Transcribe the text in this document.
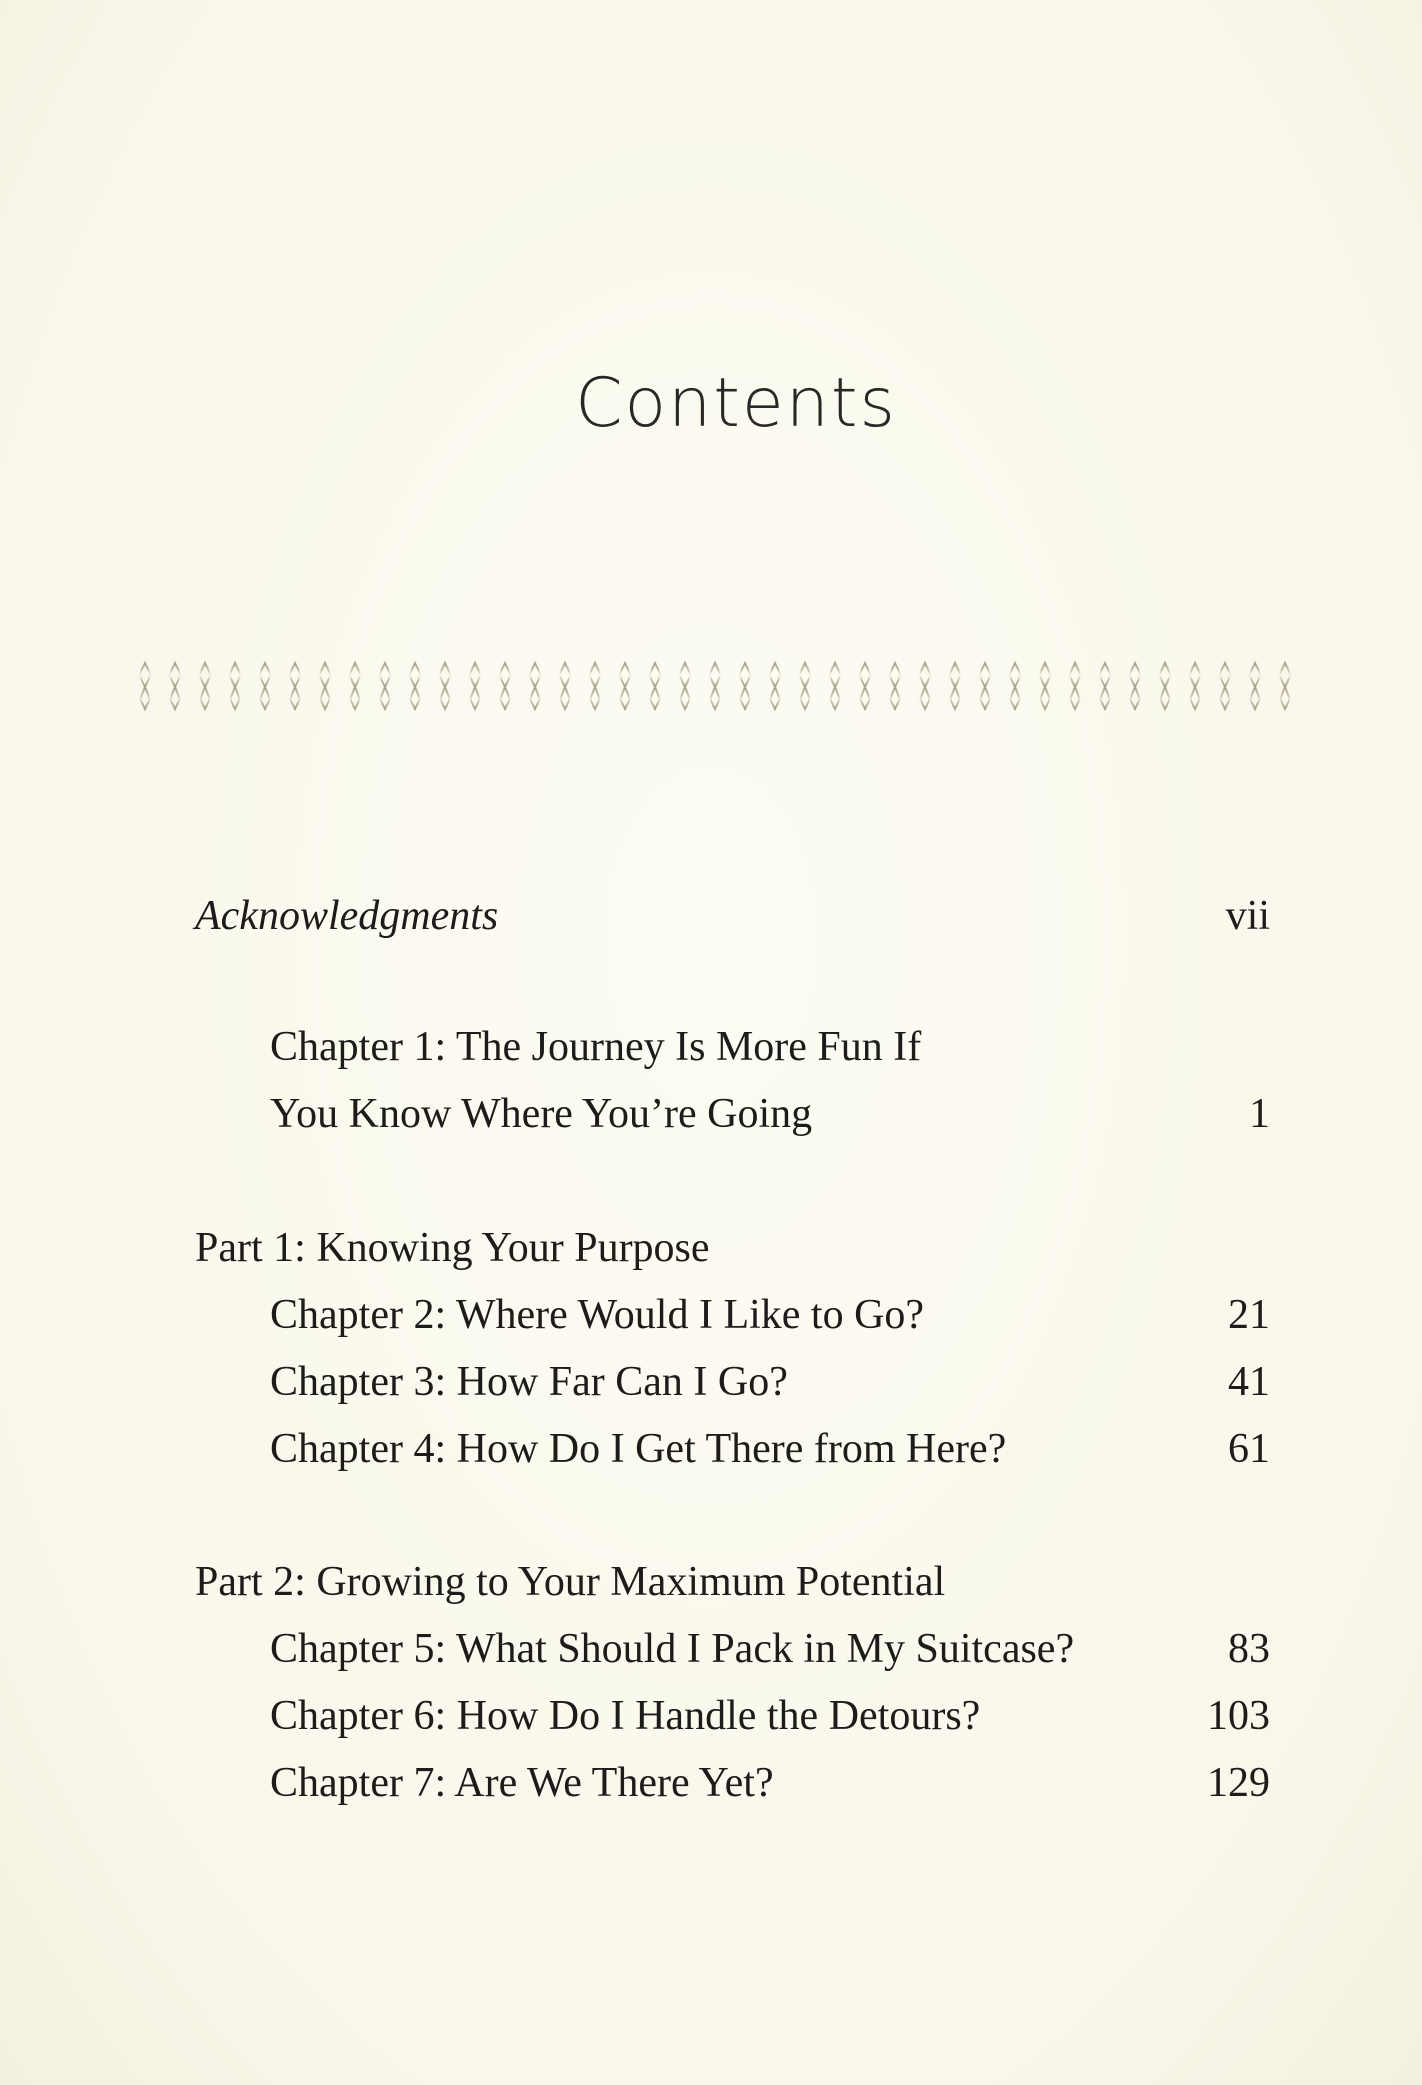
Contents
Acknowledgments	vii
Chapter 1: The Journey Is More Fun If
You Know Where You’re Going	1
Part 1: Knowing Your Purpose
Chapter 2: Where Would I Like to Go?	21
Chapter 3: How Far Can I Go?	41
Chapter 4: How Do I Get There from Here?	61
Part 2: Growing to Your Maximum Potential
Chapter 5: What Should I Pack in My Suitcase?	83
Chapter 6: How Do I Handle the Detours?	103
Chapter 7: Are We There Yet?	129
